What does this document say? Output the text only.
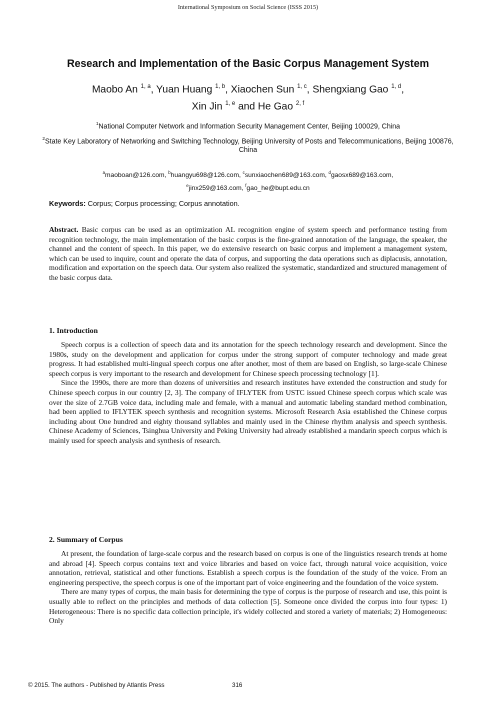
International Symposium on Social Science (ISSS 2015)
Research and Implementation of the Basic Corpus Management System
Maobo An $^{1, a}$, Yuan Huang $^{1, b}$, Xiaochen Sun $^{1, c}$, Shengxiang Gao $^{1, d}$,
Xin Jin $^{1, e}$ and He Gao $^{2, f}$

$^1$National Computer Network and Information Security Management Center, Beijing 100029, China

$^2$State Key Laboratory of Networking and Switching Technology, Beijing University of Posts and Telecommunications, Beijing 100876, China

$^a$maoboan@126.com, $^b$huangyu698@126.com, $^c$sunxiaochen689@163.com, $^d$gaosx689@163.com,
$^e$jinx259@163.com, $^f$gao_he@bupt.edu.cn
Keywords: Corpus; Corpus processing; Corpus annotation.
Abstract. Basic corpus can be used as an optimization AL recognition engine of system speech and performance testing from recognition technology, the main implementation of the basic corpus is the fine-grained annotation of the language, the speaker, the channel and the content of speech. In this paper, we do extensive research on basic corpus and implement a management system, which can be used to inquire, count and operate the data of corpus, and supporting the data operations such as diplacusis, annotation, modification and exportation on the speech data. Our system also realized the systematic, standardized and structured management of the basic corpus data.
1. Introduction

Speech corpus is a collection of speech data and its annotation for the speech technology research and development. Since the 1980s, study on the development and application for corpus under the strong support of computer technology and made great progress. It had established multi-lingual speech corpus one after another, most of them are based on English, so large-scale Chinese speech corpus is very important to the research and development for Chinese speech processing technology [1].

Since the 1990s, there are more than dozens of universities and research institutes have extended the construction and study for Chinese speech corpus in our country [2, 3]. The company of IFLYTEK from USTC issued Chinese speech corpus which scale was over the size of 2.7GB voice data, including male and female, with a manual and automatic labeling standard method combination, had been applied to IFLYTEK speech synthesis and recognition systems. Microsoft Research Asia established the Chinese corpus including about One hundred and eighty thousand syllables and mainly used in the Chinese rhythm analysis and speech synthesis. Chinese Academy of Sciences, Tsinghua University and Peking University had already established a mandarin speech corpus which is mainly used for speech analysis and synthesis of research.

2. Summary of Corpus

At present, the foundation of large-scale corpus and the research based on corpus is one of the linguistics research trends at home and abroad [4]. Speech corpus contains text and voice libraries and based on voice fact, through natural voice acquisition, voice annotation, retrieval, statistical and other functions. Establish a speech corpus is the foundation of the study of the voice. From an engineering perspective, the speech corpus is one of the important part of voice engineering and the foundation of the voice system.

There are many types of corpus, the main basis for determining the type of corpus is the purpose of research and use, this point is usually able to reflect on the principles and methods of data collection [5]. Someone once divided the corpus into four types: 1) Heterogeneous: There is no specific data collection principle, it's widely collected and stored a variety of materials; 2) Homogeneous: Only

© 2015. The authors - Published by Atlantis Press	316
